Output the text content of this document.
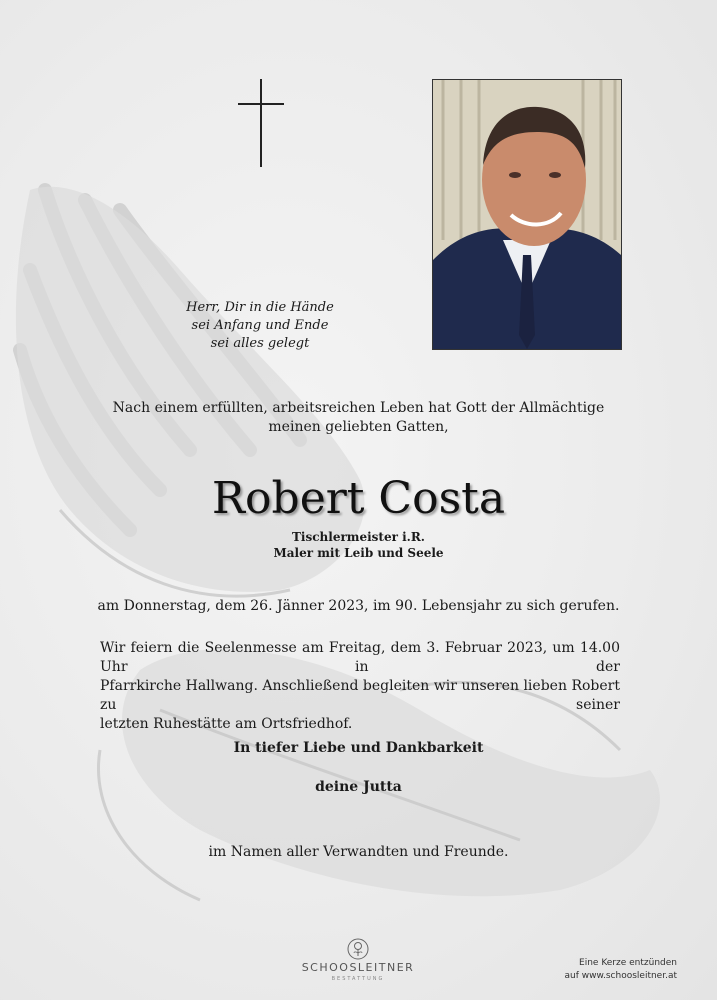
Herr, Dir in die Hände
sei Anfang und Ende
sei alles gelegt
Nach einem erfüllten, arbeitsreichen Leben hat Gott der Allmächtige
meinen geliebten Gatten,
Robert Costa
Tischlermeister i.R.
Maler mit Leib und Seele
am Donnerstag, dem 26. Jänner 2023, im 90. Lebensjahr zu sich gerufen.
Wir feiern die Seelenmesse am Freitag, dem 3. Februar 2023, um 14.00 Uhr in der
Pfarrkirche Hallwang. Anschließend begleiten wir unseren lieben Robert zu seiner
letzten Ruhestätte am Ortsfriedhof.
In tiefer Liebe und Dankbarkeit
deine Jutta
im Namen aller Verwandten und Freunde.
SCHOOSLEITNER
BESTATTUNG
Eine Kerze entzünden
auf www.schoosleitner.at
